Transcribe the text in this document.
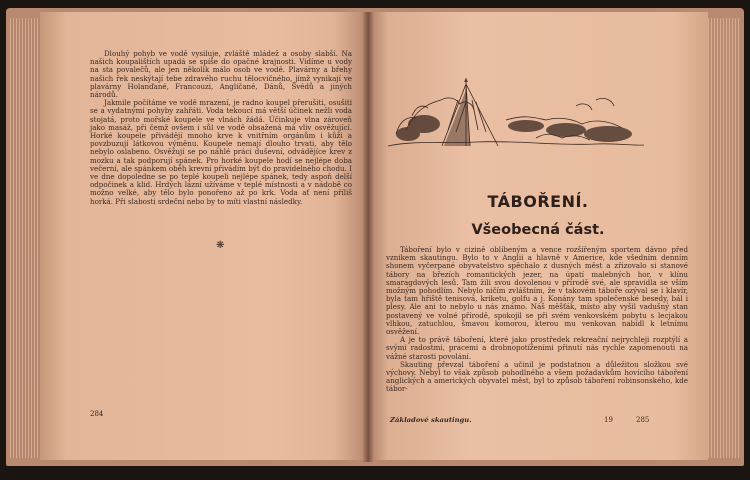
Dlouhý pohyb ve vodě vysiluje, zvláště mládež a osoby slabší. Na našich koupalištích upadá se spíše do opačné krajnosti. Vidíme u vody na sta povalečů, ale jen několik málo osob ve vodě. Plavárny a břehy našich řek neskýtají tebe zdravého ruchu tělocvičného, jímž vynikají ve plavárny Holanďané, Francouzi, Angličané, Dánů, Švédů a jiných národů.

Jakmile počítáme ve vodě mrazení, je radno koupel přerušiti, osušiti se a vydatnými pohyby zahřáti. Voda tekoucí má větší účinek nežli voda stojatá, proto mořské koupele ve vlnách žádá. Účinkuje vlna zároveň jako masáž, při čemž ovšem i sůl ve vodě obsažená má vliv osvěžující. Horké koupele přivádějí mnoho krve k vnitřním orgánům i kůži a povzbuzují látkovou výměnu. Koupele nemají dlouho trvati, aby tělo nebylo oslabeno. Osvěžují se po náhlé práci duševní, odvádějíce krev z mozku a tak podporují spánek. Pro horké koupele hodí se nejlépe doba večerní, ale spánkem oběh krevní přivádím být do pravidelného chodu. I ve dne dopoledne se po teplé koupeli nejlépe spánek, tedy aspoň delší odpočinek a klid. Hrdých lázní užíváme v teplé místnosti a v nádobě co možno velké, aby tělo bylo ponořeno až po krk. Voda ať není příliš horká. Při slabosti srdeční nebo by to míti vlastní následky.

❋
284
TÁBOŘENÍ.
Všeobecná část.

Táboření bylo v cizině oblíbeným a vence rozšířeným sportem dávno před vznikem skautingu. Bylo to v Anglii a hlavně v Americe, kde všedním denním shonem vyčerpané obyvatelstvo spěchalo z dusných měst a zřizovalo si stanové tábory na březích romantických jezer, na úpatí malebných hor, v klínu smaragdových lesů. Tam žili svou dovolenou v přírodě své, ale spravidla se vším možným pohodlím. Nebylo ničím zvláštním, že v takovém táboře ozýval se i klavír, byla tam hřiště tenisová, kriketu, golfu a j. Konány tam společenské besedy, bál i plesy. Ale ani to nebylo u nás známo. Náš měšťák, místo aby vyšil vadušný stan postavený ve volné přírodě, spokojil se při svém venkovském pobytu s lecjakou vlhkou, zatuchlou, šmavou komorou, kterou mu venkovan nabídl k letnímu osvěžení.

A je to právě táboření, které jako prostředek rekreační nejrychleji rozptýlí a svými radostmi, pracemi a drobnopotíženími přinutí nás rychle zapomenouti na vážné starosti povolání.

Skauting převzal táboření a učinil je podstatnou a důležitou složkou své výchovy. Nebyl to však způsob pohodlného a všem požadavkům hovícího táboření anglických a amerických obyvatel měst, byl to způsob táboření robinsonského, kde tábor-

Základové skautingu.	19	285
